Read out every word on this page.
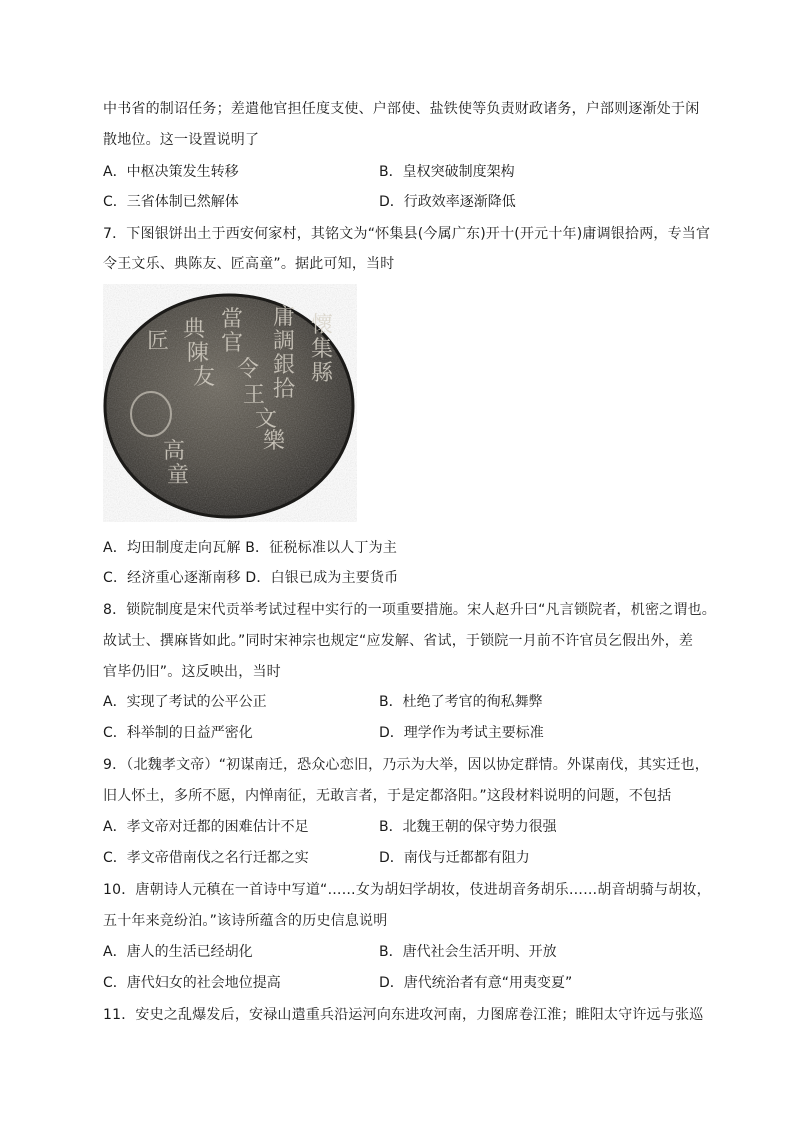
中书省的制诏任务；差遣他官担任度支使、户部使、盐铁使等负责财政诸务，户部则逐渐处于闲
散地位。这一设置说明了
A．中枢决策发生转移	B．皇权突破制度架构
C．三省体制已然解体	D．行政效率逐渐降低
7．下图银饼出土于西安何家村，其铭文为“怀集县(今属广东)开十(开元十年)庸调银拾两，专当官
令王文乐、典陈友、匠高童”。据此可知，当时
懷集縣
庸調銀拾
當官令王文樂
典陳友
匠高童
A．均田制度走向瓦解 B．征税标准以人丁为主
C．经济重心逐渐南移 D．白银已成为主要货币
8．锁院制度是宋代贡举考试过程中实行的一项重要措施。宋人赵升曰“凡言锁院者，机密之谓也。
故试士、撰麻皆如此。”同时宋神宗也规定“应发解、省试，于锁院一月前不许官员乞假出外，差
官毕仍旧”。这反映出，当时
A．实现了考试的公平公正	B．杜绝了考官的徇私舞弊
C．科举制的日益严密化	D．理学作为考试主要标准
9．（北魏孝文帝）“初谋南迁，恐众心恋旧，乃示为大举，因以协定群情。外谋南伐，其实迁也，
旧人怀土，多所不愿，内惮南征，无敢言者，于是定都洛阳。”这段材料说明的问题，不包括
A．孝文帝对迁都的困难估计不足	B．北魏王朝的保守势力很强
C．孝文帝借南伐之名行迁都之实	D．南伐与迁都都有阻力
10．唐朝诗人元稹在一首诗中写道“……女为胡妇学胡妆，伎进胡音务胡乐……胡音胡骑与胡妆，
五十年来竞纷泊。”该诗所蕴含的历史信息说明
A．唐人的生活已经胡化	B．唐代社会生活开明、开放
C．唐代妇女的社会地位提高	D．唐代统治者有意“用夷变夏”
11．安史之乱爆发后，安禄山遣重兵沿运河向东进攻河南，力图席卷江淮；睢阳太守许远与张巡
